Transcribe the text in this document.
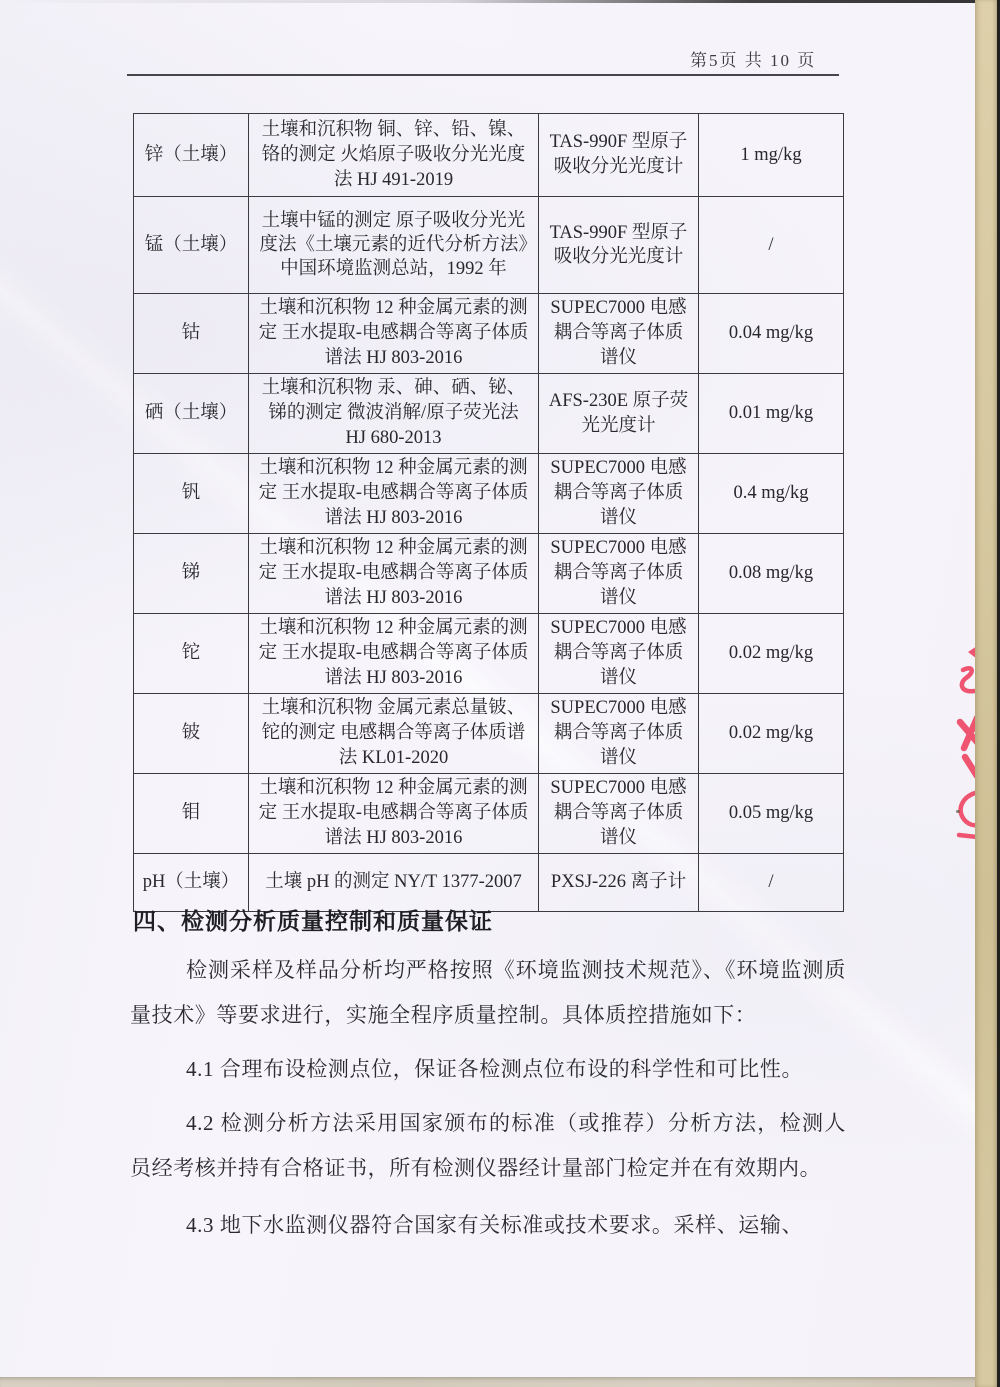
第5页 共 10 页
锌（土壤）	土壤和沉积物 铜、锌、铅、镍、铬的测定 火焰原子吸收分光光度法 HJ 491-2019	TAS-990F 型原子吸收分光光度计	1 mg/kg
锰（土壤）	土壤中锰的测定 原子吸收分光光度法《土壤元素的近代分析方法》中国环境监测总站，1992 年	TAS-990F 型原子吸收分光光度计	/
钴	土壤和沉积物 12 种金属元素的测定 王水提取-电感耦合等离子体质谱法 HJ 803-2016	SUPEC7000 电感耦合等离子体质谱仪	0.04 mg/kg
硒（土壤）	土壤和沉积物 汞、砷、硒、铋、锑的测定 微波消解/原子荧光法 HJ 680-2013	AFS-230E 原子荧光光度计	0.01 mg/kg
钒	土壤和沉积物 12 种金属元素的测定 王水提取-电感耦合等离子体质谱法 HJ 803-2016	SUPEC7000 电感耦合等离子体质谱仪	0.4 mg/kg
锑	土壤和沉积物 12 种金属元素的测定 王水提取-电感耦合等离子体质谱法 HJ 803-2016	SUPEC7000 电感耦合等离子体质谱仪	0.08 mg/kg
铊	土壤和沉积物 12 种金属元素的测定 王水提取-电感耦合等离子体质谱法 HJ 803-2016	SUPEC7000 电感耦合等离子体质谱仪	0.02 mg/kg
铍	土壤和沉积物 金属元素总量铍、铊的测定 电感耦合等离子体质谱法 KL01-2020	SUPEC7000 电感耦合等离子体质谱仪	0.02 mg/kg
钼	土壤和沉积物 12 种金属元素的测定 王水提取-电感耦合等离子体质谱法 HJ 803-2016	SUPEC7000 电感耦合等离子体质谱仪	0.05 mg/kg
pH（土壤）	土壤 pH 的测定 NY/T 1377-2007	PXSJ-226 离子计	/
四、检测分析质量控制和质量保证

检测采样及样品分析均严格按照《环境监测技术规范》、《环境监测质量技术》等要求进行，实施全程序质量控制。具体质控措施如下：

4.1 合理布设检测点位，保证各检测点位布设的科学性和可比性。

4.2 检测分析方法采用国家颁布的标准（或推荐）分析方法，检测人员经考核并持有合格证书，所有检测仪器经计量部门检定并在有效期内。

4.3 地下水监测仪器符合国家有关标准或技术要求。采样、运输、
